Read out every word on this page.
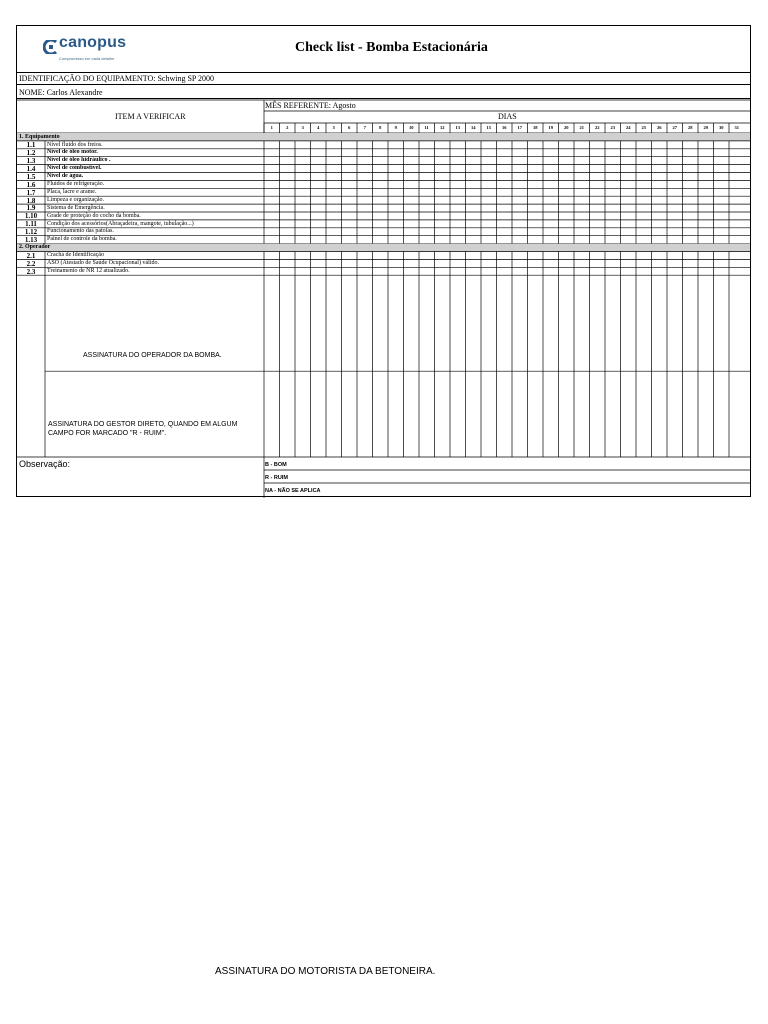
canopus
Compromisso em cada detalhe
Check list - Bomba Estacionária
IDENTIFICAÇÃO DO EQUIPAMENTO: Schwing SP 2000
NOME: Carlos Alexandre
ITEM A VERIFICAR
MÊS REFERENTE: Agosto
DIAS
1	2	3	4	5	6	7	8	9	10	11	12	13	14	15	16	17	18	19	20	21	22	23	24	25	26	27	28	29	30	31
1. Equipamento
1.1	Nível fluido dos freios.
1.2	Nível de óleo motor.
1.3	Nível de óleo hidráulico .
1.4	Nível de combustível.
1.5	Nível de água.
1.6	Fluídos de refrigeração.
1.7	Placa, lacre e arame.
1.8	Limpeza e organização.
1.9	Sistema de Emergência.
1.10	Grade de proteção do cocho da bomba.
1.11	Condição dos acessórios(Abraçadeira, mangote, tubulação...)
1.12	Funcionamento das patolas.
1.13	Painel de controle da bomba.
2. Operador
2.1	Crachá de Identificação
2.2	ASO (Atestado de Saúde Ocupacional) válido.
2.3	Treinamento de NR 12 atualizado.
ASSINATURA DO OPERADOR DA BOMBA.
ASSINATURA DO GESTOR DIRETO, QUANDO EM ALGUM CAMPO FOR MARCADO "R - RUIM".
Observação:	B - BOM
R - RUIM
NA - NÃO SE APLICA
ASSINATURA DO MOTORISTA DA BETONEIRA.
